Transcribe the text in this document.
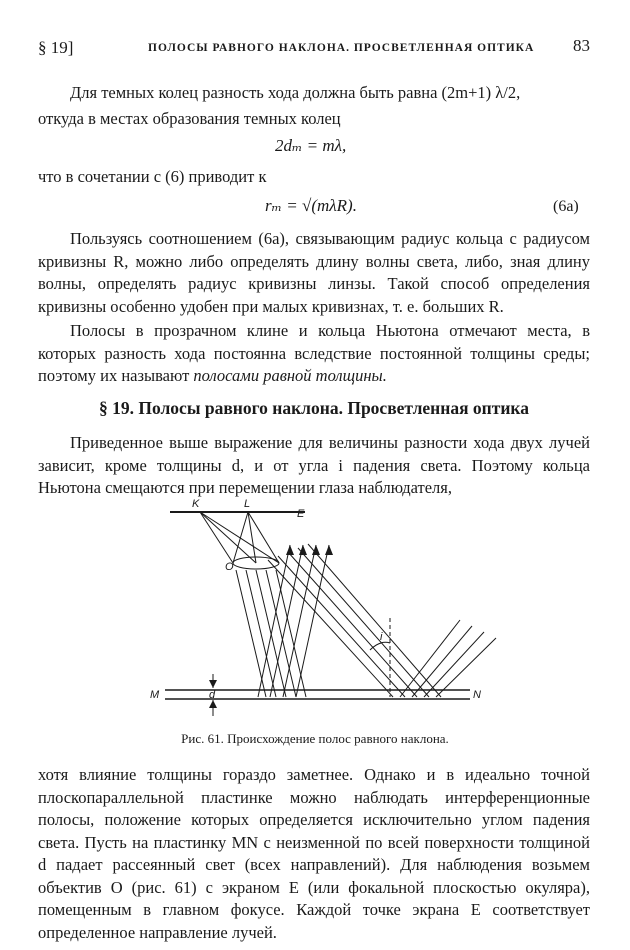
§ 19]	ПОЛОСЫ РАВНОГО НАКЛОНА. ПРОСВЕТЛЕННАЯ ОПТИКА 83
Для темных колец разность хода должна быть равна (2m+1) λ/2,
откуда в местах образования темных колец
2dₘ = mλ,
что в сочетании с (6) приводит к
rₘ = √(mλR).	(6а)
Пользуясь соотношением (6а), связывающим радиус кольца с радиусом кривизны R, можно либо определять длину волны света, либо, зная длину волны, определять радиус кривизны линзы. Такой способ определения кривизны особенно удобен при малых кривизнах, т. е. больших R.
Полосы в прозрачном клине и кольца Ньютона отмечают места, в которых разность хода постоянна вследствие постоянной толщины среды; поэтому их называют полосами равной толщины.
§ 19. Полосы равного наклона. Просветленная оптика
Приведенное выше выражение для величины разности хода двух лучей зависит, кроме толщины d, и от угла i падения света. Поэтому кольца Ньютона смещаются при перемещении глаза наблюдателя,
K	L
E
O
i
d
M	N
Рис. 61. Происхождение полос равного наклона.
хотя влияние толщины гораздо заметнее. Однако и в идеально точной плоскопараллельной пластинке можно наблюдать интерференционные полосы, положение которых определяется исключительно углом падения света. Пусть на пластинку MN с неизменной по всей поверхности толщиной d падает рассеянный свет (всех направлений). Для наблюдения возьмем объектив O (рис. 61) с экраном E (или фокальной плоскостью окуляра), помещенным в главном фокусе. Каждой точке экрана E соответствует определенное направление лучей.
